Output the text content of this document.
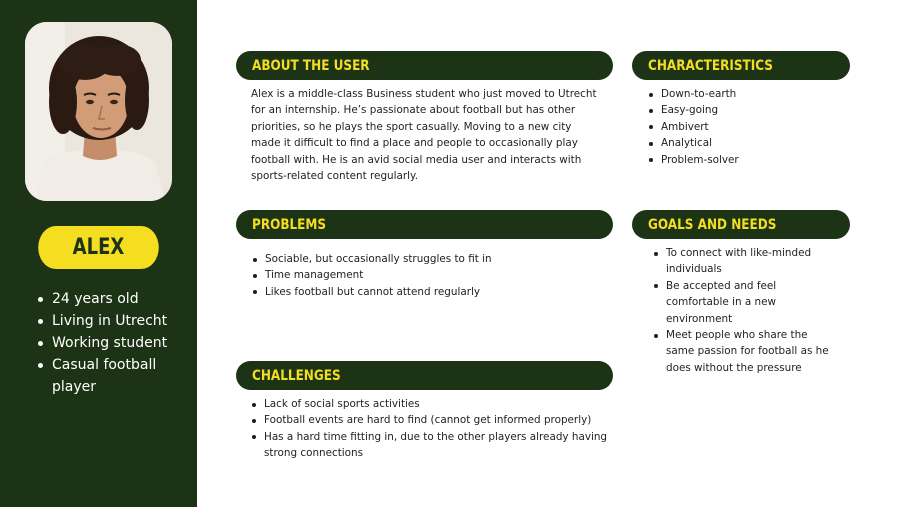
ALEX
24 years old
Living in Utrecht
Working student
Casual football player
ABOUT THE USER

Alex is a middle-class Business student who just moved to Utrecht for an internship. He’s passionate about football but has other priorities, so he plays the sport casually. Moving to a new city made it difficult to find a place and people to occasionally play football with. He is an avid social media user and interacts with sports-related content regularly.

CHARACTERISTICS
Down-to-earth
Easy-going
Ambivert
Analytical
Problem-solver
PROBLEMS
Sociable, but occasionally struggles to fit in
Time management
Likes football but cannot attend regularly
GOALS AND NEEDS
To connect with like-minded individuals
Be accepted and feel comfortable in a new environment
Meet people who share the same passion for football as he does without the pressure
CHALLENGES
Lack of social sports activities
Football events are hard to find (cannot get informed properly)
Has a hard time fitting in, due to the other players already having strong connections
